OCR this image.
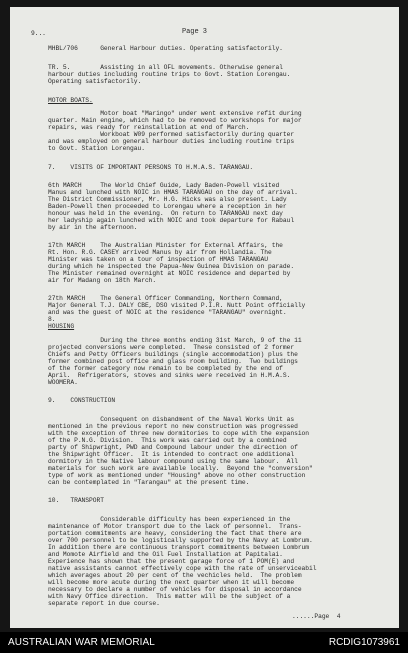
9...	Page 3
MHBL/706      General Harbour duties. Operating satisfactorily.
TR. 5.        Assisting in all OFL movements. Otherwise general
harbour duties including routine trips to Govt. Station Lorengau.
Operating satisfactorily.
MOTOR BOATS.
Motor boat "Maringo" under went extensive refit during
quarter. Main engine, which had to be removed to workshops for major
repairs, was ready for reinstallation at end of March.
Workboat W09 performed satisfactorily during quarter
and was employed on general harbour duties including routine trips
to Govt. Station Lorengau.
7.    VISITS OF IMPORTANT PERSONS TO H.M.A.S. TARANGAU.
6th MARCH     The World Chief Guide, Lady Baden-Powell visited
Manus and lunched with NOIC in HMAS TARANGAU on the day of arrival.
The District Commissioner, Mr. H.G. Hicks was also present. Lady
Baden-Powell then proceeded to Lorengau where a reception in her
honour was held in the evening.  On return to TARANGAU next day
her ladyship again lunched with NOIC and took departure for Rabaul
by air in the afternoon.
17th MARCH    The Australian Minister for External Affairs, the
Rt. Hon. R.G. CASEY arrived Manus by air from Hollandia. The
Minister was taken on a tour of inspection of HMAS TARANGAU
during which he inspected the Papua-New Guinea Division on parade.
The Minister remained overnight at NOIC residence and departed by
air for Madang on 18th March.
27th MARCH    The General Officer Commanding, Northern Command,
Major General T.J. DALY CBE, DSO visited P.I.R. Nutt Point officially
and was the guest of NOIC at the residence "TARANGAU" overnight.
8.
HOUSING
During the three months ending 31st March, 9 of the 11
projected conversions were completed.  These consisted of 2 former
Chiefs and Petty Officers buildings (single accommodation) plus the
former combined post office and glass room building.  Two buildings
of the former category now remain to be completed by the end of
April.  Refrigerators, stoves and sinks were received in H.M.A.S.
WOOMERA.
9.    CONSTRUCTION
Consequent on disbandment of the Naval Works Unit as
mentioned in the previous report no new construction was progressed
with the exception of three new dormitories to cope with the expansion
of the P.N.G. Division.  This work was carried out by a combined
party of Shipwright, PWD and Compound labour under the direction of
the Shipwright Officer.  It is intended to contract one additional
dormitory in the Native labour compound using the same labour.  All
materials for such work are available locally.  Beyond the "conversion"
type of work as mentioned under "Housing" above no other construction
can be contemplated in "Tarangau" at the present time.
10.   TRANSPORT
Considerable difficulty has been experienced in the
maintenance of Motor transport due to the lack of personnel.  Trans-
portation commitments are heavy, considering the fact that there are
over 700 personnel to be logistically supported by the Navy at Lombrum.
In addition there are continuous transport commitments between Lombrum
and Momote Airfield and the Oil Fuel Installation at Papitalai.
Experience has shown that the present garage force of 1 POM(E) and
native assistants cannot effectively cope with the rate of unserviceabil
which averages about 20 per cent of the vechicles held.  The problem
will become more acute during the next quarter when it will become
necessary to declare a number of vehicles for disposal in accordance
with Navy Office direction.  This matter will be the subject of a
separate report in due course.
......Page  4
AUSTRALIAN WAR MEMORIAL	RCDIG1073961
